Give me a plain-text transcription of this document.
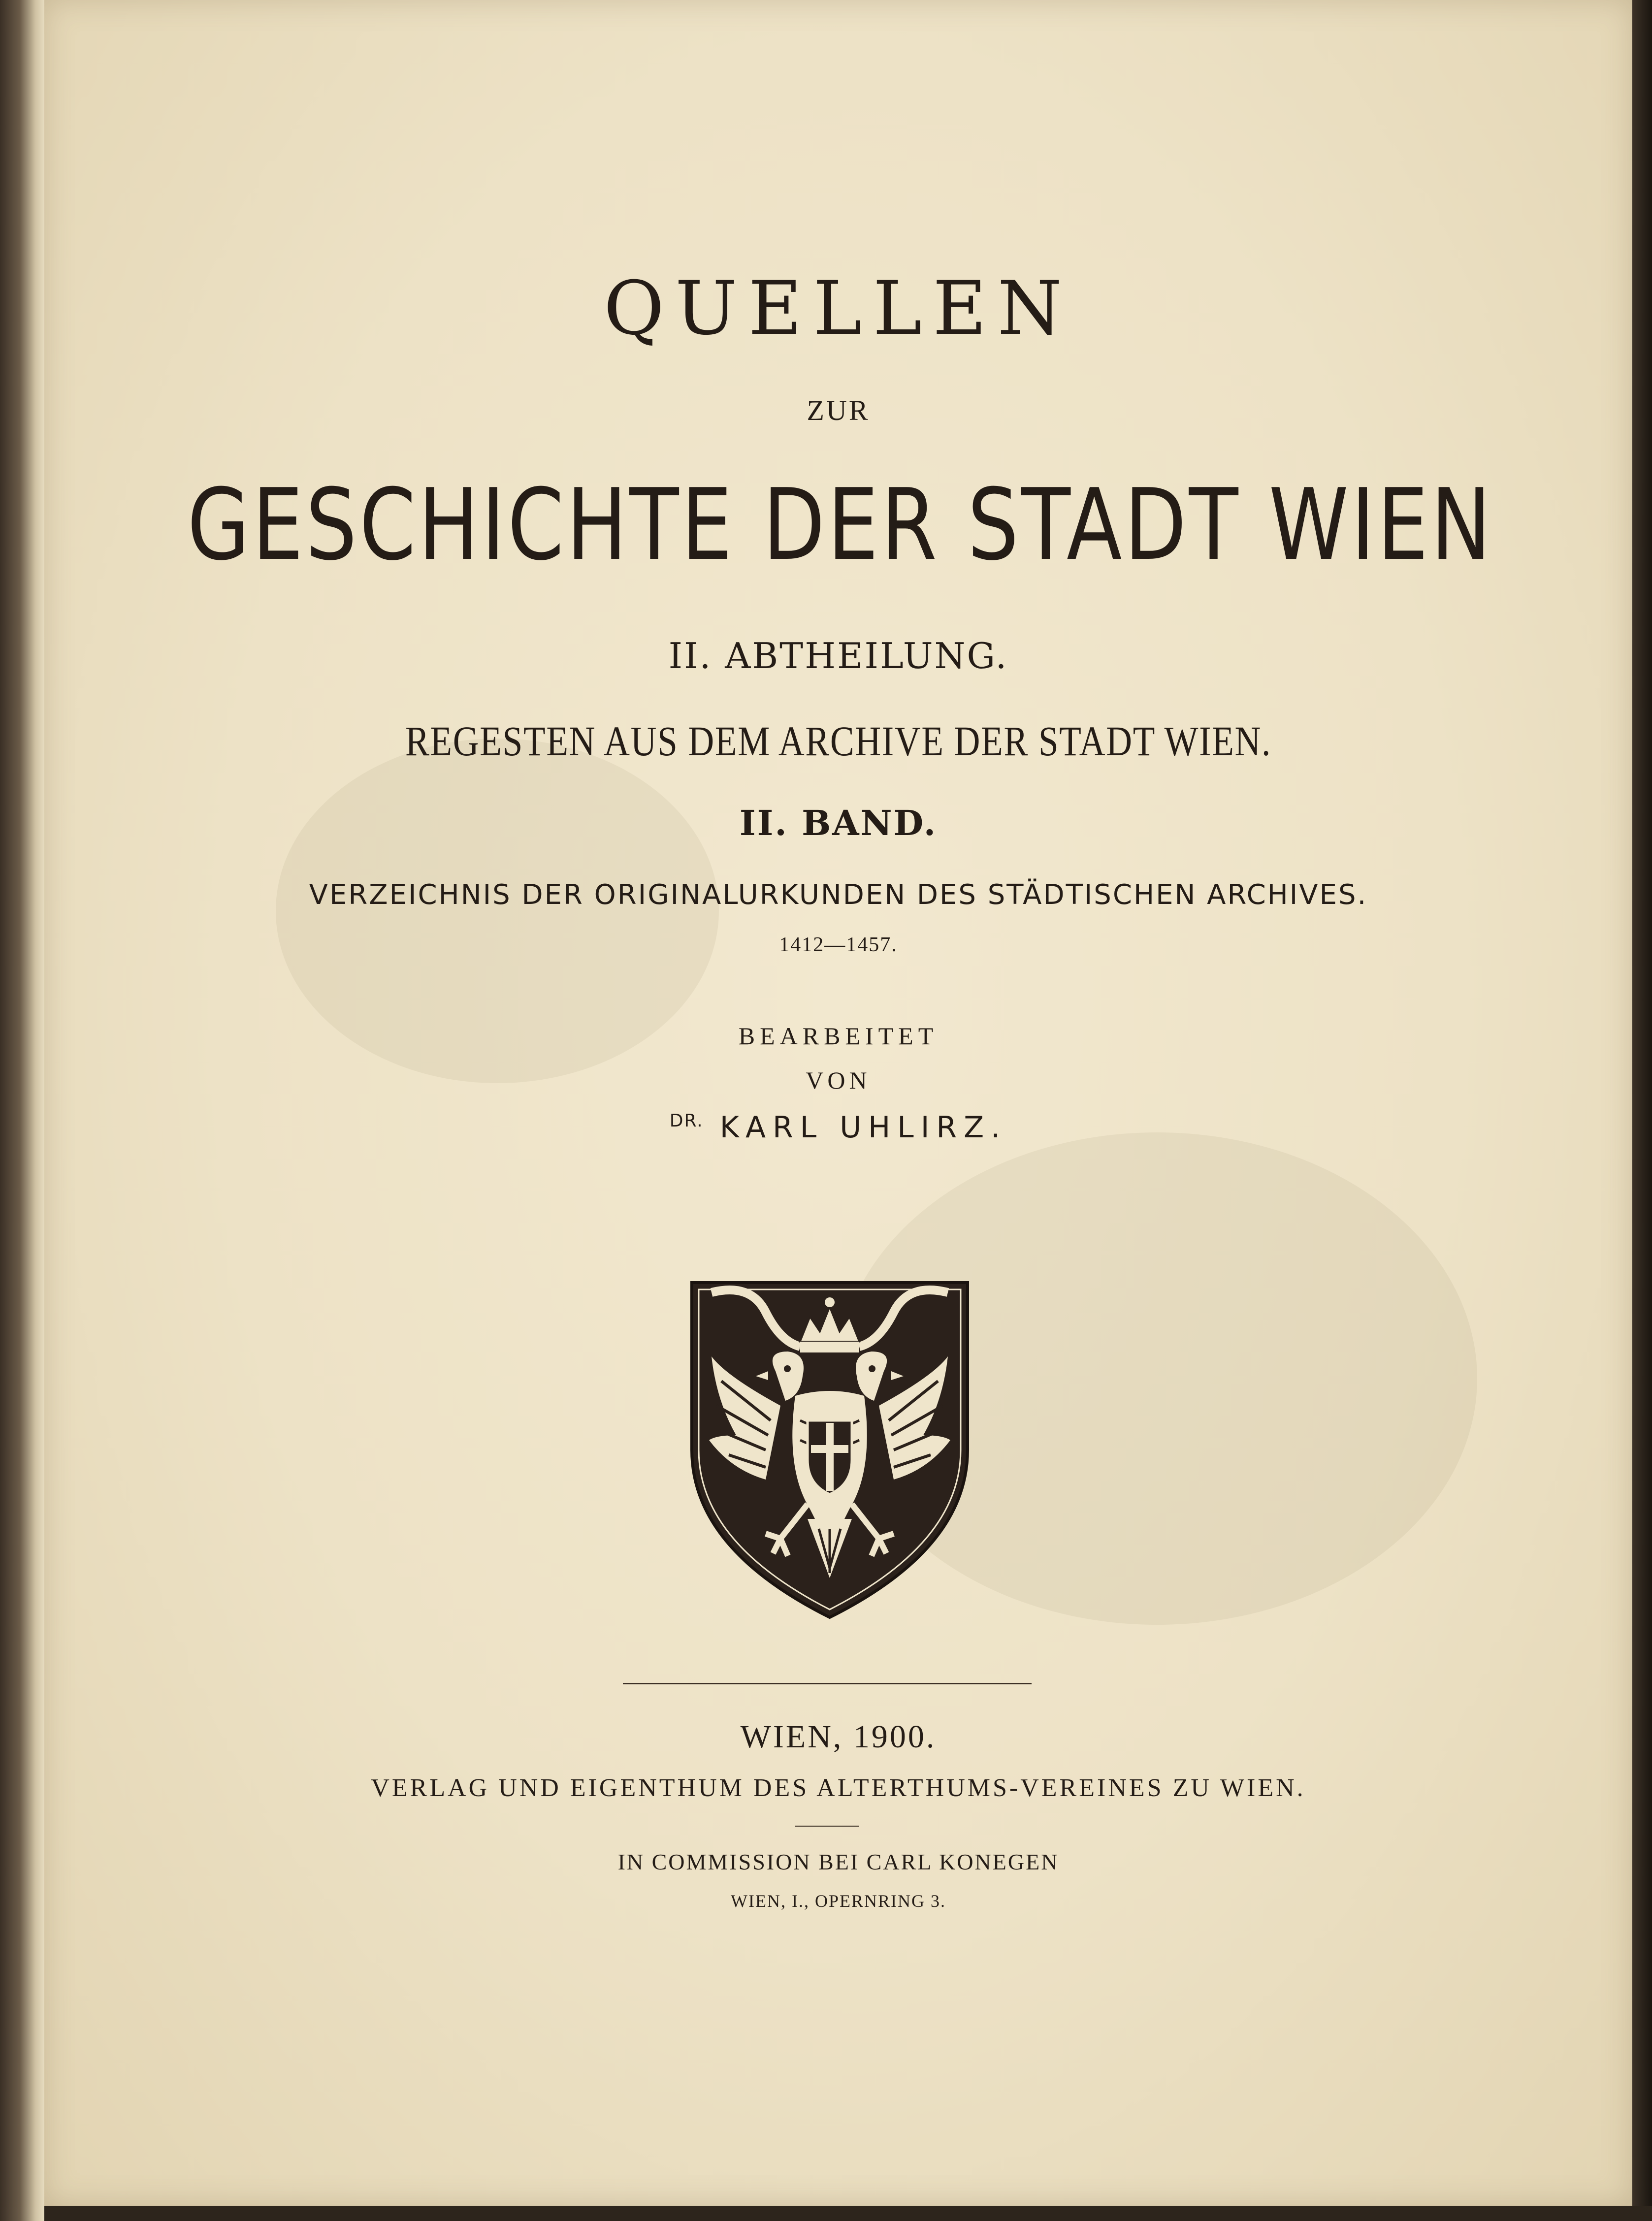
QUELLEN
ZUR
GESCHICHTE DER STADT WIEN
II. ABTHEILUNG.
REGESTEN AUS DEM ARCHIVE DER STADT WIEN.
II. BAND.
VERZEICHNIS DER ORIGINALURKUNDEN DES STÄDTISCHEN ARCHIVES.
1412—1457.
BEARBEITET
VON
$^{DR.}$ KARL UHLIRZ.
WIEN, 1900.
VERLAG UND EIGENTHUM DES ALTERTHUMS-VEREINES ZU WIEN.
IN COMMISSION BEI CARL KONEGEN
WIEN, I., OPERNRING 3.
